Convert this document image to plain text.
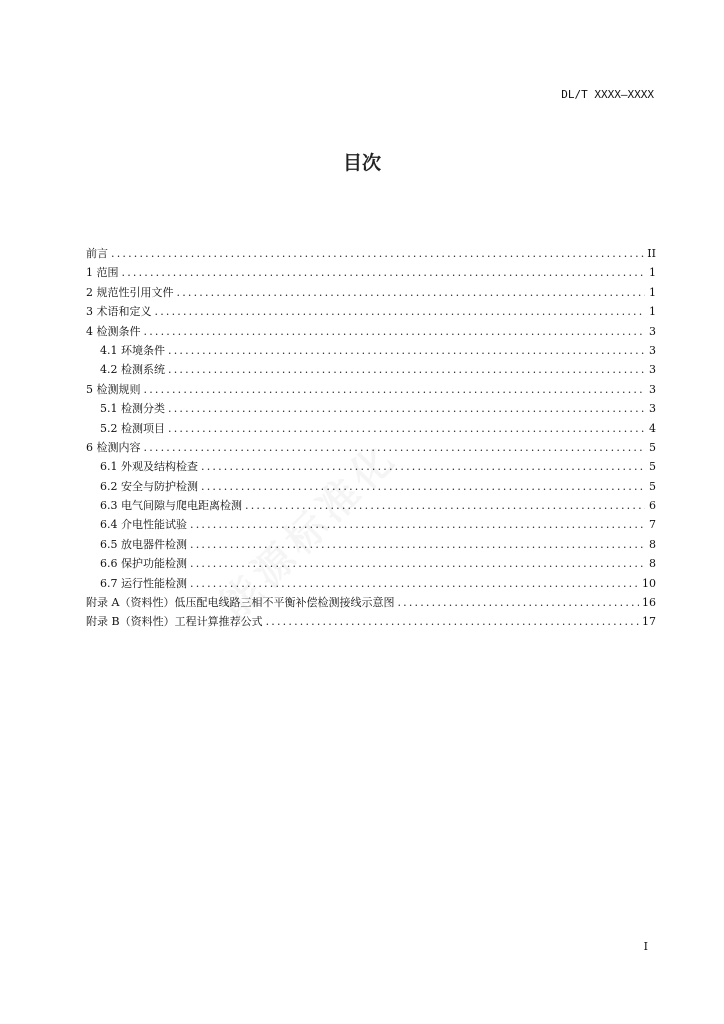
DL/T XXXX—XXXX
目次
前言 .....	II
1 范围 .....	1
2 规范性引用文件 .....	1
3 术语和定义 .....	1
4 检测条件 .....	3
4.1 环境条件 .....	3
4.2 检测系统 .....	3
5 检测规则 .....	3
5.1 检测分类 .....	3
5.2 检测项目 .....	4
6 检测内容 .....	5
6.1 外观及结构检查 .....	5
6.2 安全与防护检测 .....	5
6.3 电气间隙与爬电距离检测 .....	6
6.4 介电性能试验 .....	7
6.5 放电器件检测 .....	8
6.6 保护功能检测 .....	8
6.7 运行性能检测 .....	10
附录 A（资料性）低压配电线路三相不平衡补偿检测接线示意图 .....	16
附录 B（资料性）工程计算推荐公式 .....	17
I
